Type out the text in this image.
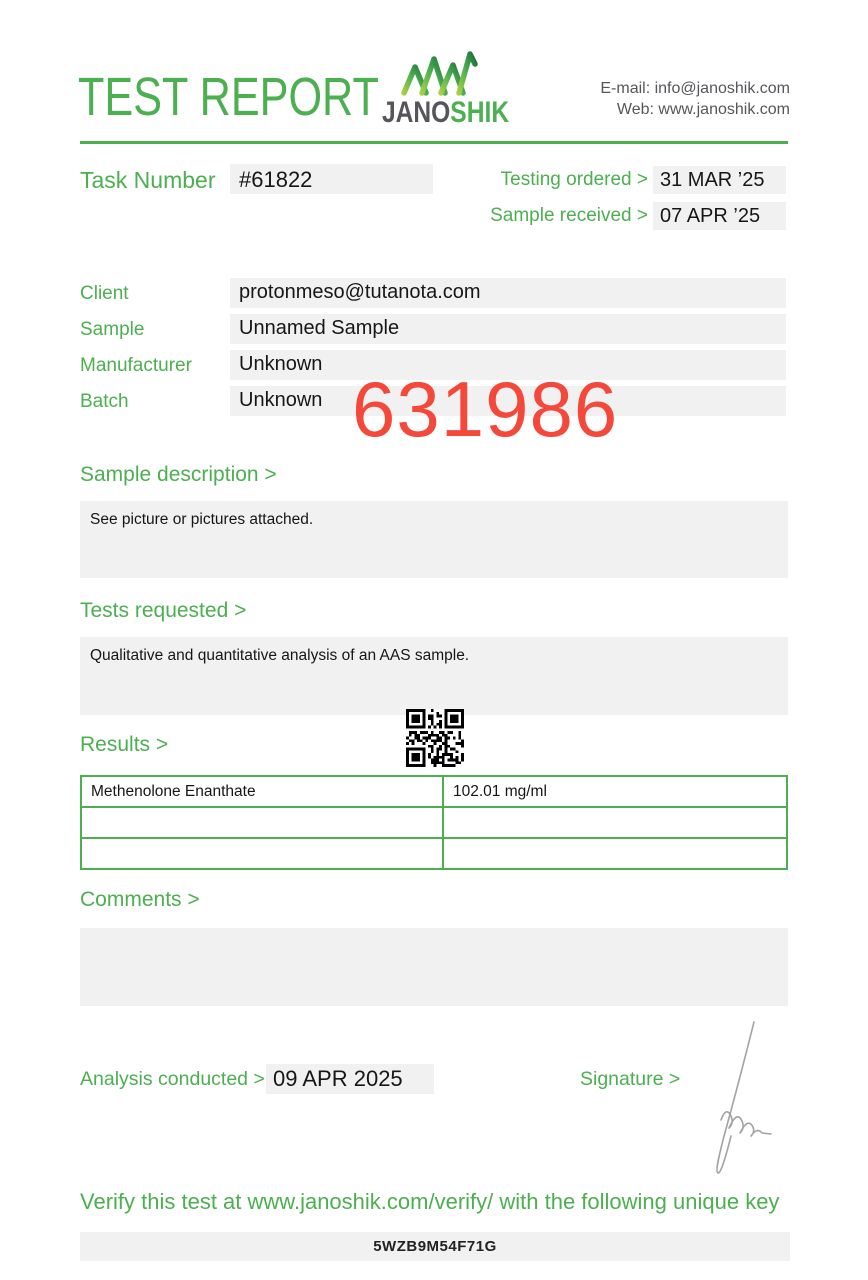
TEST REPORT JANOSHIK
E-mail: info@janoshik.com
Web: www.janoshik.com
Task Number	#61822	Testing ordered > 31 MAR ’25
Sample received > 07 APR ’25
Client	protonmeso@tutanota.com
Sample	Unnamed Sample
Manufacturer	Unknown
Batch	Unknown 631986
Sample description >
See picture or pictures attached.
Tests requested >
Qualitative and quantitative analysis of an AAS sample.
Results >
Methenolone Enanthate	102.01 mg/ml

Comments >
Analysis conducted > 09 APR 2025	Signature >
Verify this test at www.janoshik.com/verify/ with the following unique key
5WZB9M54F71G
